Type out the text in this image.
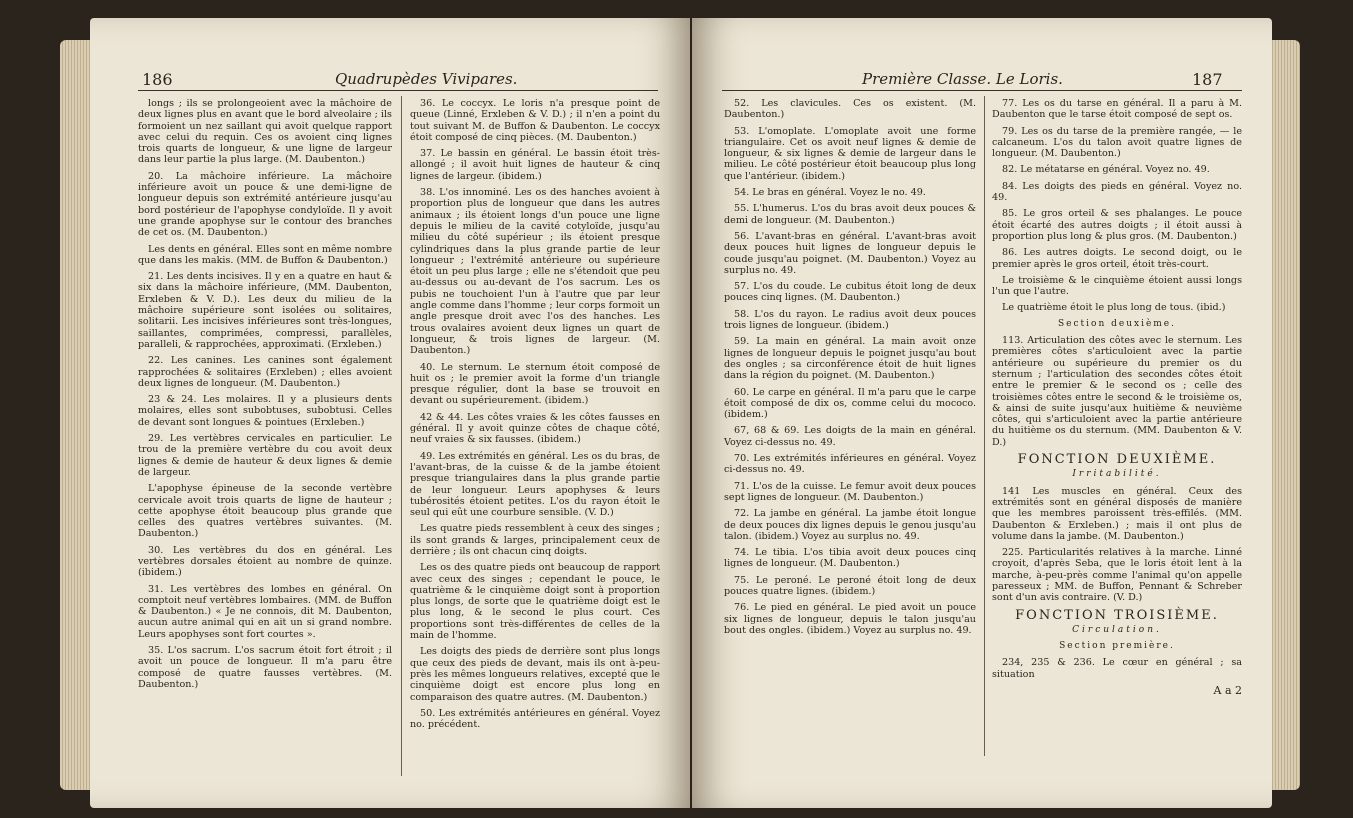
186	Quadrupèdes Vivipares.

longs ; ils se prolongeoient avec la mâchoire de deux lignes plus en avant que le bord alveolaire ; ils formoient un nez saillant qui avoit quelque rapport avec celui du requin. Ces os avoient cinq lignes trois quarts de longueur, & une ligne de largeur dans leur partie la plus large. (M. Daubenton.)

20. La mâchoire inférieure. La mâchoire inférieure avoit un pouce & une demi-ligne de longueur depuis son extrémité antérieure jusqu'au bord postérieur de l'apophyse condyloïde. Il y avoit une grande apophyse sur le contour des branches de cet os. (M. Daubenton.)

Les dents en général. Elles sont en même nombre que dans les makis. (MM. de Buffon & Daubenton.)

21. Les dents incisives. Il y en a quatre en haut & six dans la mâchoire inférieure, (MM. Daubenton, Erxleben & V. D.). Les deux du milieu de la mâchoire supérieure sont isolées ou solitaires, solitarii. Les incisives inférieures sont très-longues, saillantes, comprimées, compressi, parallèles, paralleli, & rapprochées, approximati. (Erxleben.)

22. Les canines. Les canines sont également rapprochées & solitaires (Erxleben) ; elles avoient deux lignes de longueur. (M. Daubenton.)

23 & 24. Les molaires. Il y a plusieurs dents molaires, elles sont subobtuses, subobtusi. Celles de devant sont longues & pointues (Erxleben.)

29. Les vertèbres cervicales en particulier. Le trou de la première vertèbre du cou avoit deux lignes & demie de hauteur & deux lignes & demie de largeur.

L'apophyse épineuse de la seconde vertèbre cervicale avoit trois quarts de ligne de hauteur ; cette apophyse étoit beaucoup plus grande que celles des quatres vertèbres suivantes. (M. Daubenton.)

30. Les vertèbres du dos en général. Les vertèbres dorsales étoient au nombre de quinze. (ibidem.)

31. Les vertèbres des lombes en général. On comptoit neuf vertèbres lombaires. (MM. de Buffon & Daubenton.) « Je ne connois, dit M. Daubenton, aucun autre animal qui en ait un si grand nombre. Leurs apophyses sont fort courtes ».

35. L'os sacrum. L'os sacrum étoit fort étroit ; il avoit un pouce de longueur. Il m'a paru être composé de quatre fausses vertèbres. (M. Daubenton.)

36. Le coccyx. Le loris n'a presque point de queue (Linné, Erxleben & V. D.) ; il n'en a point du tout suivant M. de Buffon & Daubenton. Le coccyx étoit composé de cinq pièces. (M. Daubenton.)

37. Le bassin en général. Le bassin étoit très-allongé ; il avoit huit lignes de hauteur & cinq lignes de largeur. (ibidem.)

38. L'os innominé. Les os des hanches avoient à proportion plus de longueur que dans les autres animaux ; ils étoient longs d'un pouce une ligne depuis le milieu de la cavité cotyloïde, jusqu'au milieu du côté supérieur ; ils étoient presque cylindriques dans la plus grande partie de leur longueur ; l'extrémité antérieure ou supérieure étoit un peu plus large ; elle ne s'étendoit que peu au-dessus ou au-devant de l'os sacrum. Les os pubis ne touchoient l'un à l'autre que par leur angle comme dans l'homme ; leur corps formoit un angle presque droit avec l'os des hanches. Les trous ovalaires avoient deux lignes un quart de longueur, & trois lignes de largeur. (M. Daubenton.)

40. Le sternum. Le sternum étoit composé de huit os ; le premier avoit la forme d'un triangle presque régulier, dont la base se trouvoit en devant ou supérieurement. (ibidem.)

42 & 44. Les côtes vraies & les côtes fausses en général. Il y avoit quinze côtes de chaque côté, neuf vraies & six fausses. (ibidem.)

49. Les extrémités en général. Les os du bras, de l'avant-bras, de la cuisse & de la jambe étoient presque triangulaires dans la plus grande partie de leur longueur. Leurs apophyses & leurs tubérosités étoient petites. L'os du rayon étoit le seul qui eût une courbure sensible. (V. D.)

Les quatre pieds ressemblent à ceux des singes ; ils sont grands & larges, principalement ceux de derrière ; ils ont chacun cinq doigts.

Les os des quatre pieds ont beaucoup de rapport avec ceux des singes ; cependant le pouce, le quatrième & le cinquième doigt sont à proportion plus longs, de sorte que le quatrième doigt est le plus long, & le second le plus court. Ces proportions sont très-différentes de celles de la main de l'homme.

Les doigts des pieds de derrière sont plus longs que ceux des pieds de devant, mais ils ont à-peu-près les mêmes longueurs relatives, excepté que le cinquième doigt est encore plus long en comparaison des quatre autres. (M. Daubenton.)

50. Les extrémités antérieures en général. Voyez no. précédent.

Première Classe. Le Loris.	187

52. Les clavicules. Ces os existent. (M. Daubenton.)

53. L'omoplate. L'omoplate avoit une forme triangulaire. Cet os avoit neuf lignes & demie de longueur, & six lignes & demie de largeur dans le milieu. Le côté postérieur étoit beaucoup plus long que l'antérieur. (ibidem.)

54. Le bras en général. Voyez le no. 49.

55. L'humerus. L'os du bras avoit deux pouces & demi de longueur. (M. Daubenton.)

56. L'avant-bras en général. L'avant-bras avoit deux pouces huit lignes de longueur depuis le coude jusqu'au poignet. (M. Daubenton.) Voyez au surplus no. 49.

57. L'os du coude. Le cubitus étoit long de deux pouces cinq lignes. (M. Daubenton.)

58. L'os du rayon. Le radius avoit deux pouces trois lignes de longueur. (ibidem.)

59. La main en général. La main avoit onze lignes de longueur depuis le poignet jusqu'au bout des ongles ; sa circonférence étoit de huit lignes dans la région du poignet. (M. Daubenton.)

60. Le carpe en général. Il m'a paru que le carpe étoit composé de dix os, comme celui du mococo. (ibidem.)

67, 68 & 69. Les doigts de la main en général. Voyez ci-dessus no. 49.

70. Les extrémités inférieures en général. Voyez ci-dessus no. 49.

71. L'os de la cuisse. Le femur avoit deux pouces sept lignes de longueur. (M. Daubenton.)

72. La jambe en général. La jambe étoit longue de deux pouces dix lignes depuis le genou jusqu'au talon. (ibidem.) Voyez au surplus no. 49.

74. Le tibia. L'os tibia avoit deux pouces cinq lignes de longueur. (M. Daubenton.)

75. Le peroné. Le peroné étoit long de deux pouces quatre lignes. (ibidem.)

76. Le pied en général. Le pied avoit un pouce six lignes de longueur, depuis le talon jusqu'au bout des ongles. (ibidem.) Voyez au surplus no. 49.

77. Les os du tarse en général. Il a paru à M. Daubenton que le tarse étoit composé de sept os.

79. Les os du tarse de la première rangée, — le calcaneum. L'os du talon avoit quatre lignes de longueur. (M. Daubenton.)

82. Le métatarse en général. Voyez no. 49.

84. Les doigts des pieds en général. Voyez no. 49.

85. Le gros orteil & ses phalanges. Le pouce étoit écarté des autres doigts ; il étoit aussi à proportion plus long & plus gros. (M. Daubenton.)

86. Les autres doigts. Le second doigt, ou le premier après le gros orteil, étoit très-court.

Le troisième & le cinquième étoient aussi longs l'un que l'autre.

Le quatrième étoit le plus long de tous. (ibid.)

Section deuxième.

113. Articulation des côtes avec le sternum. Les premières côtes s'articuloient avec la partie antérieure ou supérieure du premier os du sternum ; l'articulation des secondes côtes étoit entre le premier & le second os ; celle des troisièmes côtes entre le second & le troisième os, & ainsi de suite jusqu'aux huitième & neuvième côtes, qui s'articuloient avec la partie antérieure du huitième os du sternum. (MM. Daubenton & V. D.)

FONCTION DEUXIÈME.
Irritabilité.

141 Les muscles en général. Ceux des extrémités sont en général disposés de manière que les membres paroissent très-effilés. (MM. Daubenton & Erxleben.) ; mais il ont plus de volume dans la jambe. (M. Daubenton.)

225. Particularités relatives à la marche. Linné croyoit, d'après Seba, que le loris étoit lent à la marche, à-peu-près comme l'animal qu'on appelle paresseux ; MM. de Buffon, Pennant & Schreber sont d'un avis contraire. (V. D.)

FONCTION TROISIÈME.
Circulation.
Section première.

234, 235 & 236. Le cœur en général ; sa situation

A a 2
